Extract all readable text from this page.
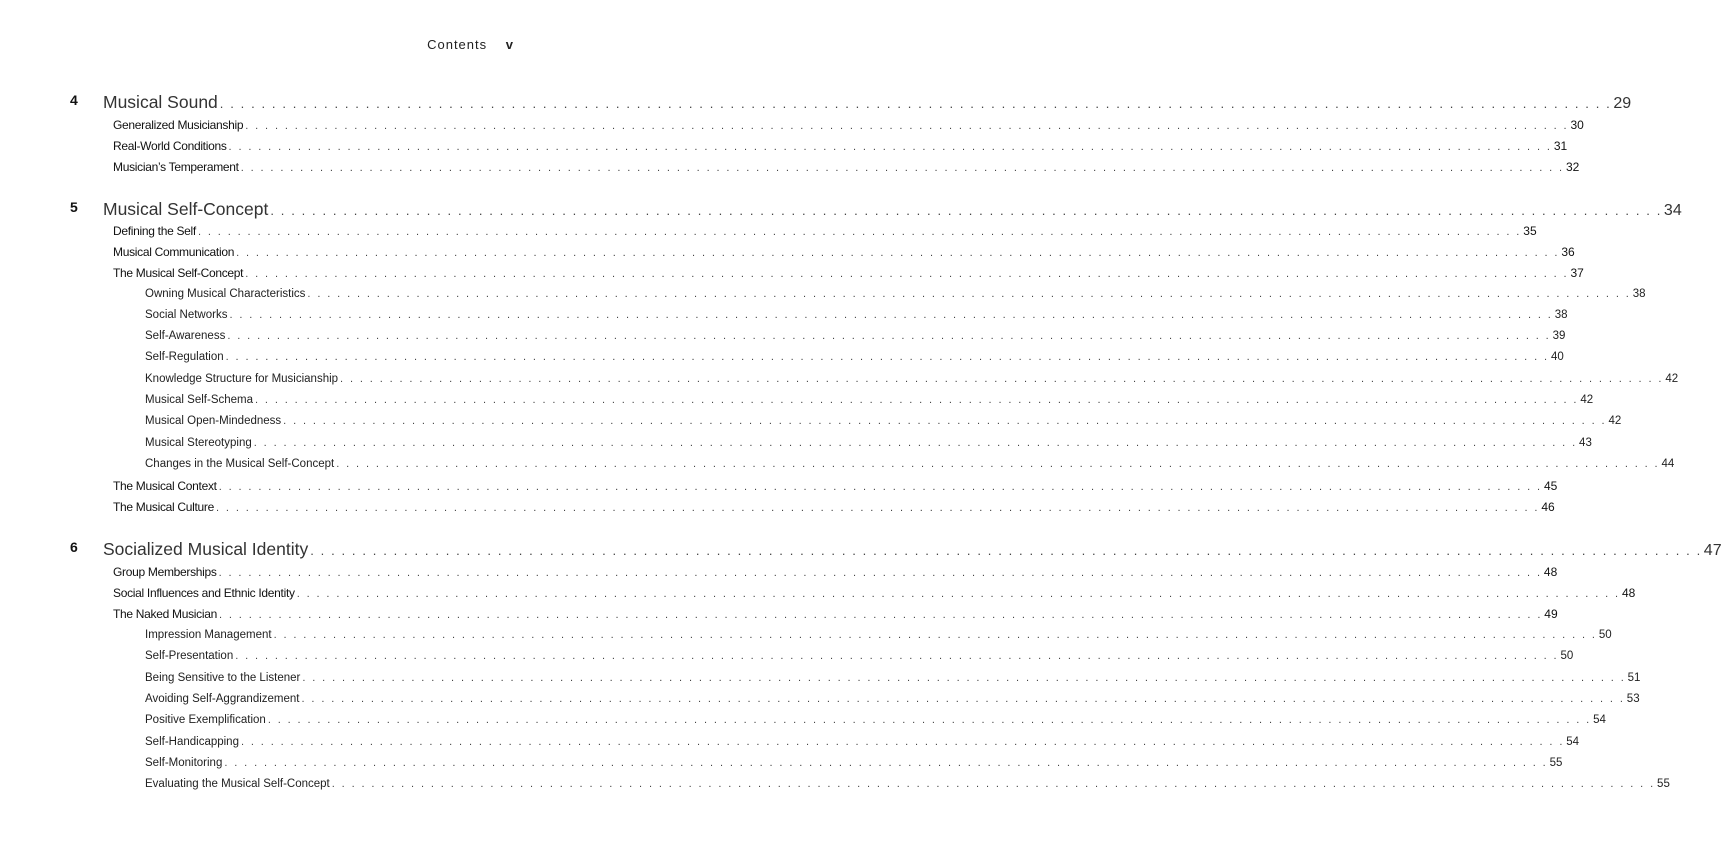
Contents v
4 Musical Sound . . .	29
Generalized Musicianship . . .	30
Real-World Conditions . . .	31
Musician’s Temperament . . .	32
5 Musical Self-Concept . . .	34
Defining the Self . . .	35
Musical Communication . . .	36
The Musical Self-Concept . . .	37
Owning Musical Characteristics . . .	38
Social Networks . . .	38
Self-Awareness . . .	39
Self-Regulation . . .	40
Knowledge Structure for Musicianship . . .	42
Musical Self-Schema . . .	42
Musical Open-Mindedness . . .	42
Musical Stereotyping . . .	43
Changes in the Musical Self-Concept . . .	44
The Musical Context . . .	45
The Musical Culture . . .	46
6 Socialized Musical Identity . . .	47
Group Memberships . . .	48
Social Influences and Ethnic Identity . . .	48
The Naked Musician . . .	49
Impression Management . . .	50
Self-Presentation . . .	50
Being Sensitive to the Listener . . .	51
Avoiding Self-Aggrandizement . . .	53
Positive Exemplification . . .	54
Self-Handicapping . . .	54
Self-Monitoring . . .	55
Evaluating the Musical Self-Concept . . .	55
